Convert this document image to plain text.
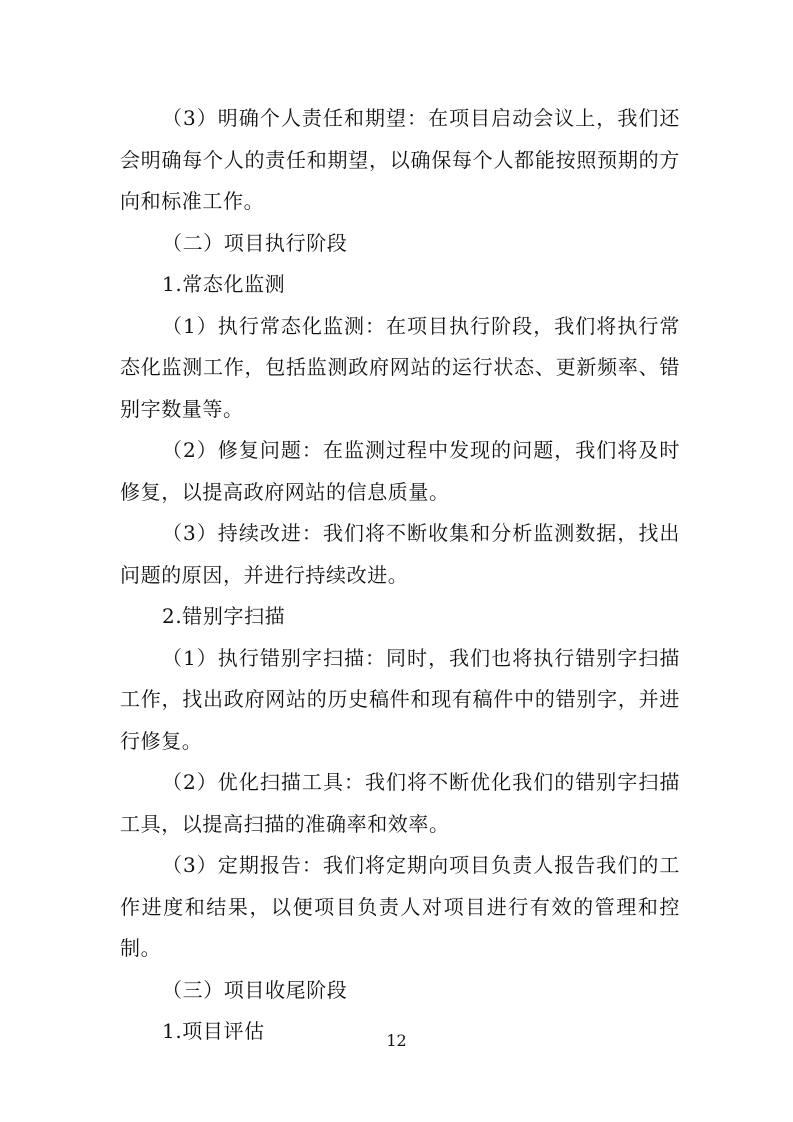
（3）明确个人责任和期望：在项目启动会议上，我们还会明确每个人的责任和期望，以确保每个人都能按照预期的方向和标准工作。

（二）项目执行阶段

1.常态化监测

（1）执行常态化监测：在项目执行阶段，我们将执行常态化监测工作，包括监测政府网站的运行状态、更新频率、错别字数量等。

（2）修复问题：在监测过程中发现的问题，我们将及时修复，以提高政府网站的信息质量。

（3）持续改进：我们将不断收集和分析监测数据，找出问题的原因，并进行持续改进。

2.错别字扫描

（1）执行错别字扫描：同时，我们也将执行错别字扫描工作，找出政府网站的历史稿件和现有稿件中的错别字，并进行修复。

（2）优化扫描工具：我们将不断优化我们的错别字扫描工具，以提高扫描的准确率和效率。

（3）定期报告：我们将定期向项目负责人报告我们的工作进度和结果，以便项目负责人对项目进行有效的管理和控制。

（三）项目收尾阶段

1.项目评估	12
